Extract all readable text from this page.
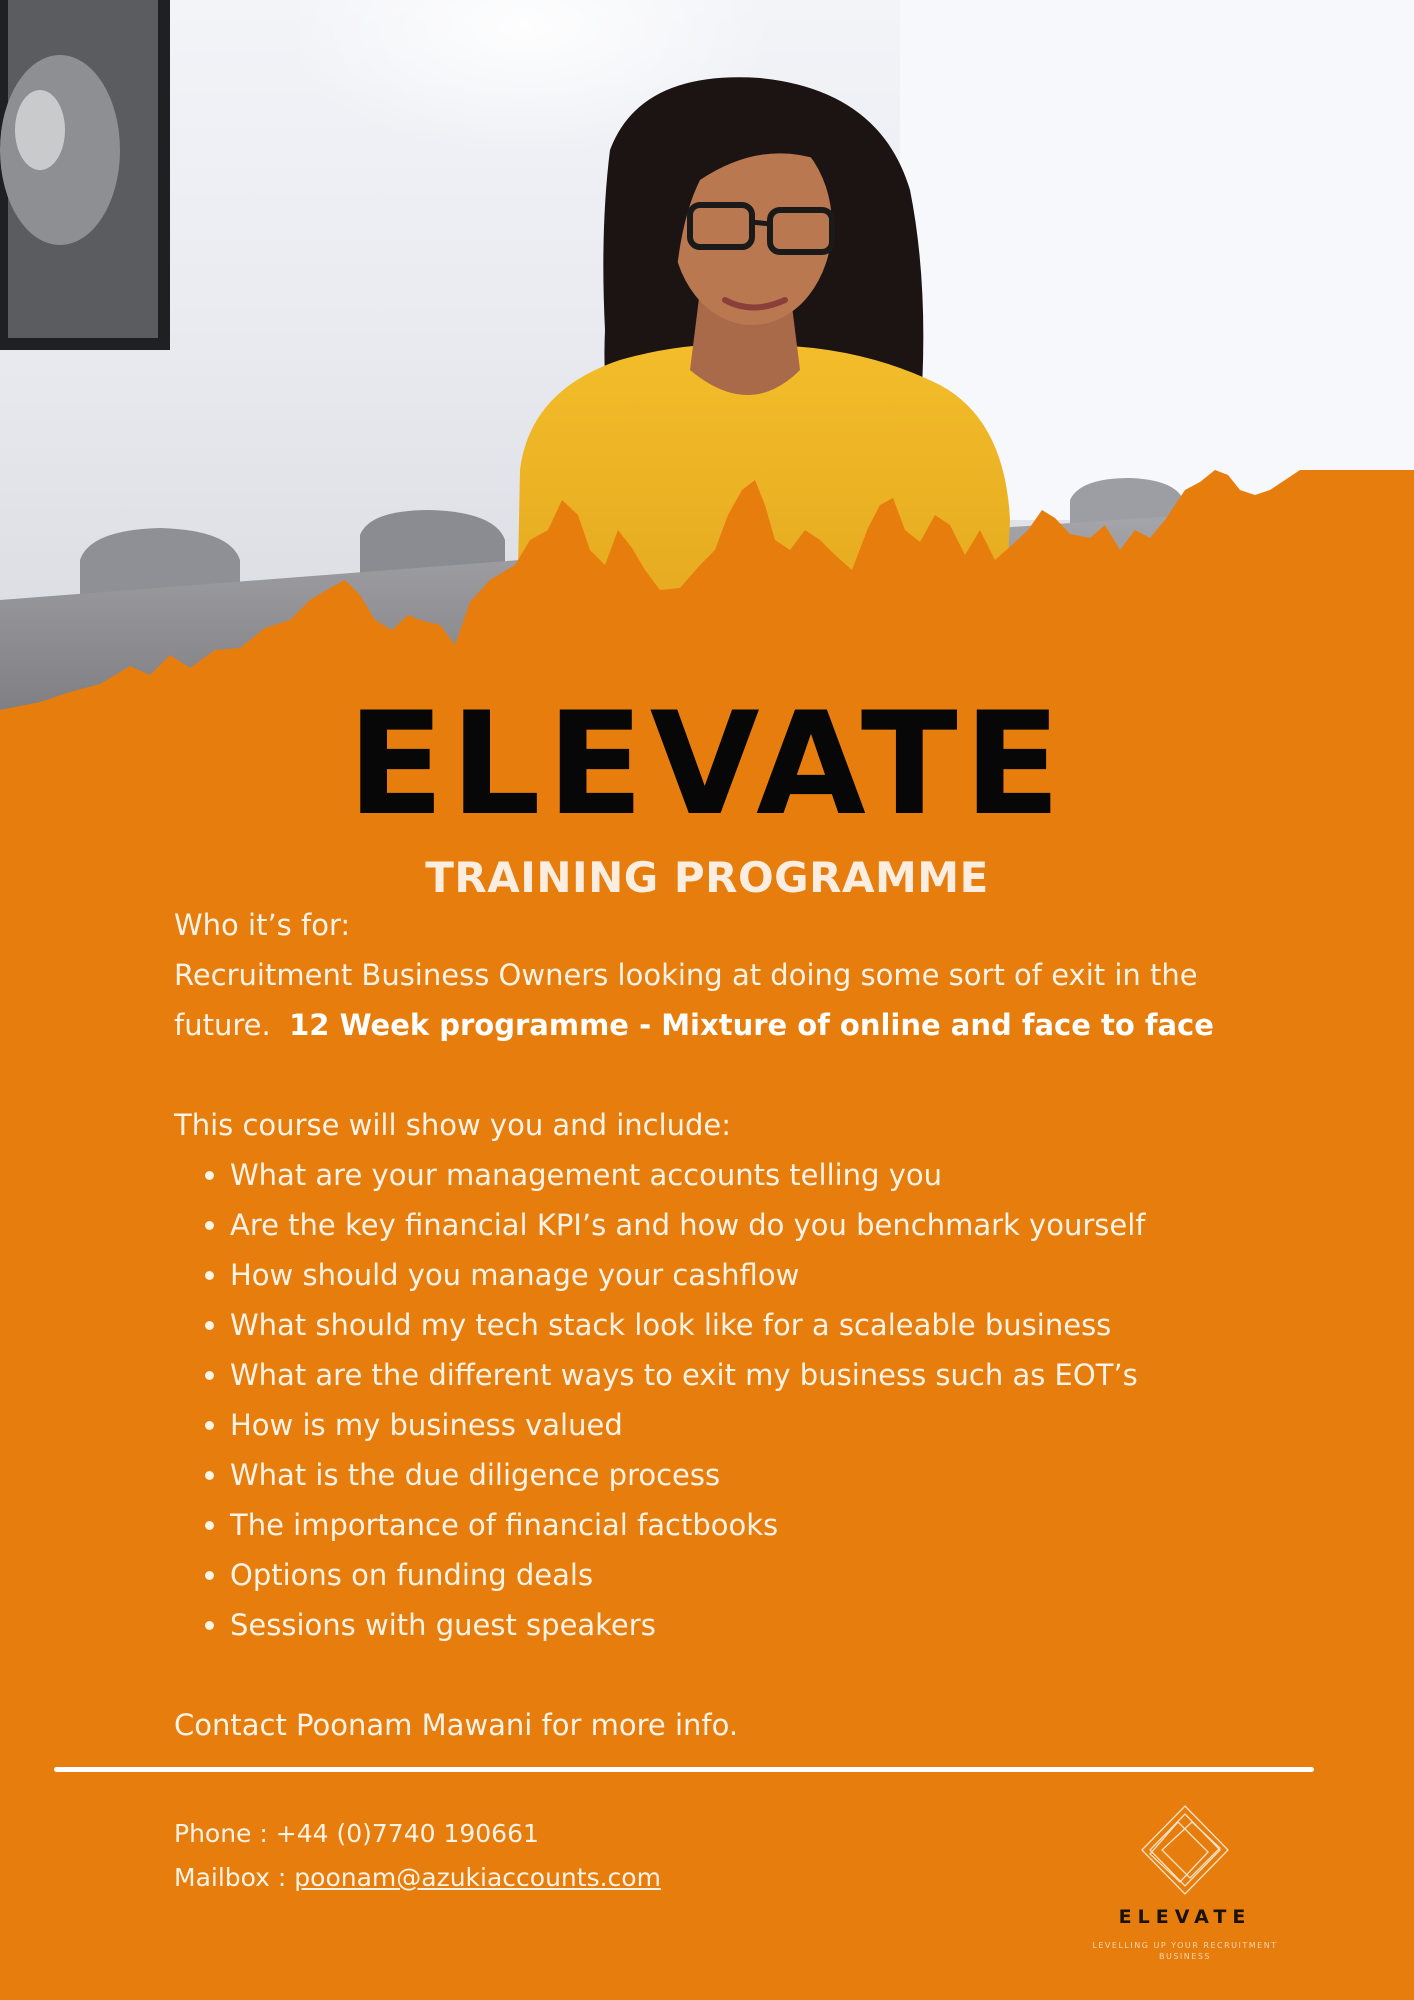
ELEVATE
TRAINING PROGRAMME

Who it’s for:

Recruitment Business Owners looking at doing some sort of exit in the future. 12 Week programme - Mixture of online and face to face

This course will show you and include:

• What are your management accounts telling you
• Are the key financial KPI’s and how do you benchmark yourself
• How should you manage your cashflow
• What should my tech stack look like for a scaleable business
• What are the different ways to exit my business such as EOT’s
• How is my business valued
• What is the due diligence process
• The importance of financial factbooks
• Options on funding deals
• Sessions with guest speakers

Contact Poonam Mawani for more info.

Phone : +44 (0)7740 190661
Mailbox : poonam@azukiaccounts.com
ELEVATE
LEVELLING UP YOUR RECRUITMENT BUSINESS
